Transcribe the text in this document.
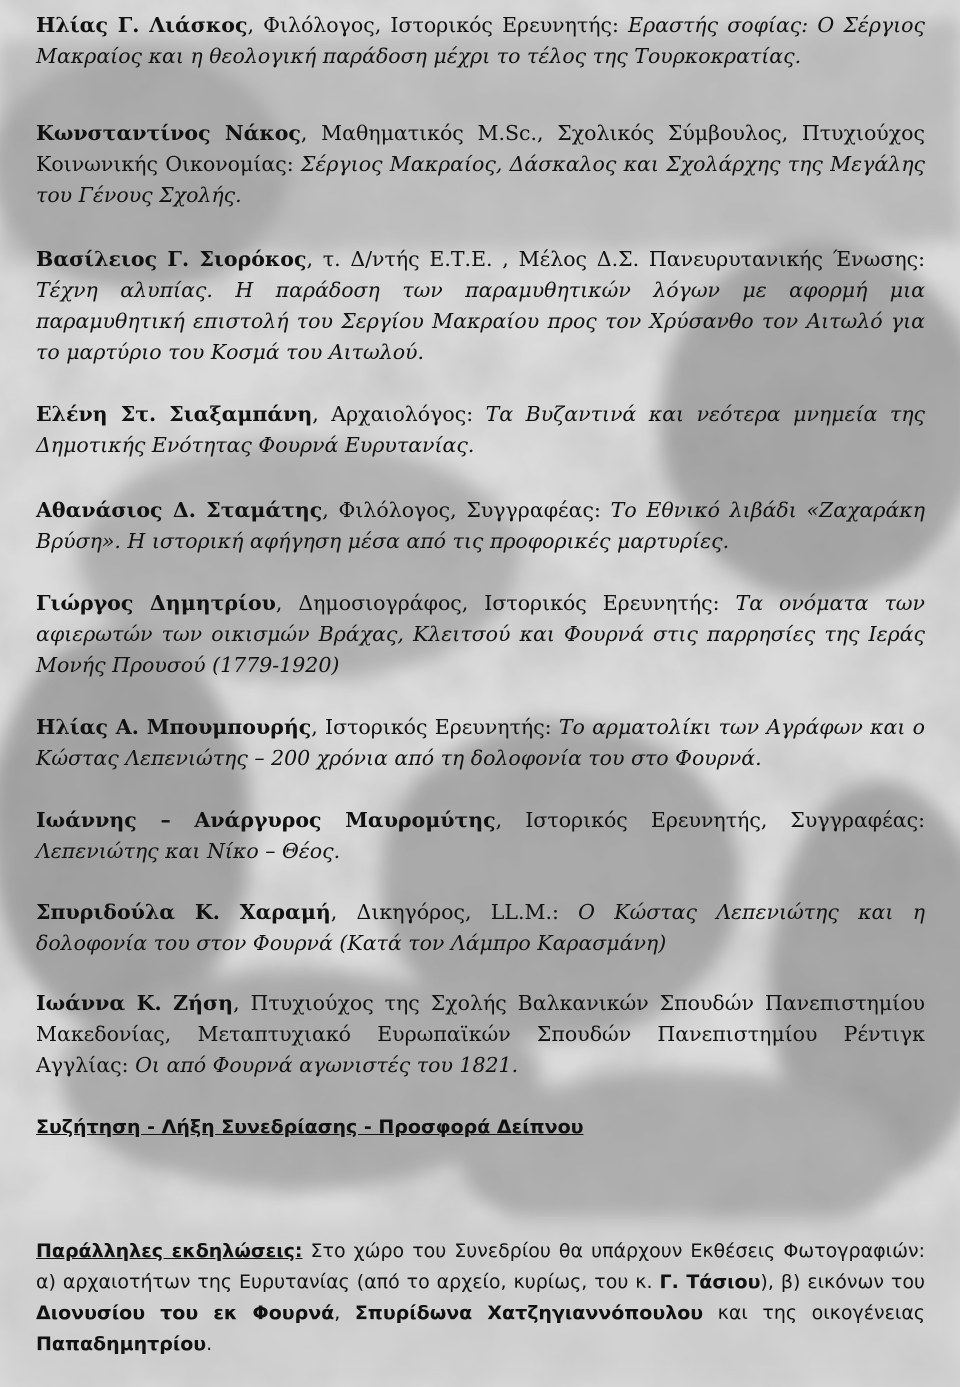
Ηλίας Γ. Λιάσκος, Φιλόλογος, Ιστορικός Ερευνητής: Εραστής σοφίας: Ο Σέργιος Μακραίος και η θεολογική παράδοση μέχρι το τέλος της Τουρκοκρατίας.

Κωνσταντίνος Νάκος, Μαθηματικός M.Sc., Σχολικός Σύμβουλος, Πτυχιούχος Κοινωνικής Οικονομίας: Σέργιος Μακραίος, Δάσκαλος και Σχολάρχης της Μεγάλης του Γένους Σχολής.

Βασίλειος Γ. Σιορόκος, τ. Δ/ντής Ε.Τ.Ε. , Μέλος Δ.Σ. Πανευρυτανικής Ένωσης: Τέχνη αλυπίας. Η παράδοση των παραμυθητικών λόγων με αφορμή μια παραμυθητική επιστολή του Σεργίου Μακραίου προς τον Χρύσανθο τον Αιτωλό για το μαρτύριο του Κοσμά του Αιτωλού.

Ελένη Στ. Σιαξαμπάνη, Αρχαιολόγος: Τα Βυζαντινά και νεότερα μνημεία της Δημοτικής Ενότητας Φουρνά Ευρυτανίας.

Αθανάσιος Δ. Σταμάτης, Φιλόλογος, Συγγραφέας: Το Εθνικό λιβάδι «Ζαχαράκη Βρύση». Η ιστορική αφήγηση μέσα από τις προφορικές μαρτυρίες.

Γιώργος Δημητρίου, Δημοσιογράφος, Ιστορικός Ερευνητής: Τα ονόματα των αφιερωτών των οικισμών Βράχας, Κλειτσού και Φουρνά στις παρρησίες της Ιεράς Μονής Προυσού (1779-1920)

Ηλίας Α. Μπουμπουρής, Ιστορικός Ερευνητής: Το αρματολίκι των Αγράφων και ο Κώστας Λεπενιώτης – 200 χρόνια από τη δολοφονία του στο Φουρνά.

Ιωάννης – Ανάργυρος Μαυρομύτης, Ιστορικός Ερευνητής, Συγγραφέας: Λεπενιώτης και Νίκο – Θέος.

Σπυριδούλα Κ. Χαραμή, Δικηγόρος, LL.M.: Ο Κώστας Λεπενιώτης και η δολοφονία του στον Φουρνά (Κατά τον Λάμπρο Καρασμάνη)

Ιωάννα Κ. Ζήση, Πτυχιούχος της Σχολής Βαλκανικών Σπουδών Πανεπιστημίου Μακεδονίας, Μεταπτυχιακό Ευρωπαϊκών Σπουδών Πανεπιστημίου Ρέντιγκ Αγγλίας: Οι από Φουρνά αγωνιστές του 1821.

Συζήτηση - Λήξη Συνεδρίασης - Προσφορά Δείπνου

Παράλληλες εκδηλώσεις: Στο χώρο του Συνεδρίου θα υπάρχουν Εκθέσεις Φωτογραφιών: α) αρχαιοτήτων της Ευρυτανίας (από το αρχείο, κυρίως, του κ. Γ. Τάσιου), β) εικόνων του Διονυσίου του εκ Φουρνά, Σπυρίδωνα Χατζηγιαννόπουλου και της οικογένειας Παπαδημητρίου.
